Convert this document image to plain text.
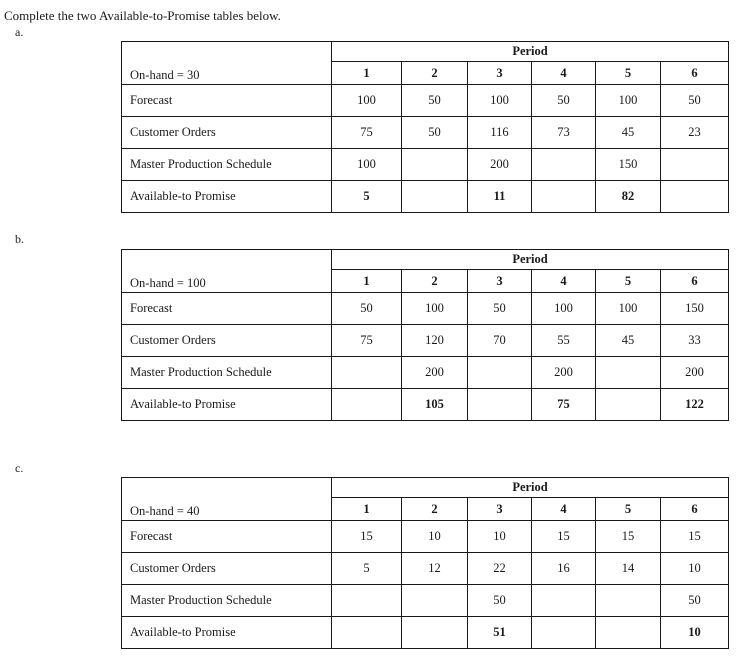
Complete the two Available-to-Promise tables below.
a.
On-hand = 30	Period					
	1	2	3	4	5	6
Forecast	100	50	100	50	100	50
Customer Orders	75	50	116	73	45	23
Master Production Schedule	100		200		150	
Available-to Promise	5		11		82	
b.
On-hand = 100	Period					
	1	2	3	4	5	6
Forecast	50	100	50	100	100	150
Customer Orders	75	120	70	55	45	33
Master Production Schedule		200		200		200
Available-to Promise		105		75		122
c.
On-hand = 40	Period					
	1	2	3	4	5	6
Forecast	15	10	10	15	15	15
Customer Orders	5	12	22	16	14	10
Master Production Schedule			50			50
Available-to Promise			51			10
